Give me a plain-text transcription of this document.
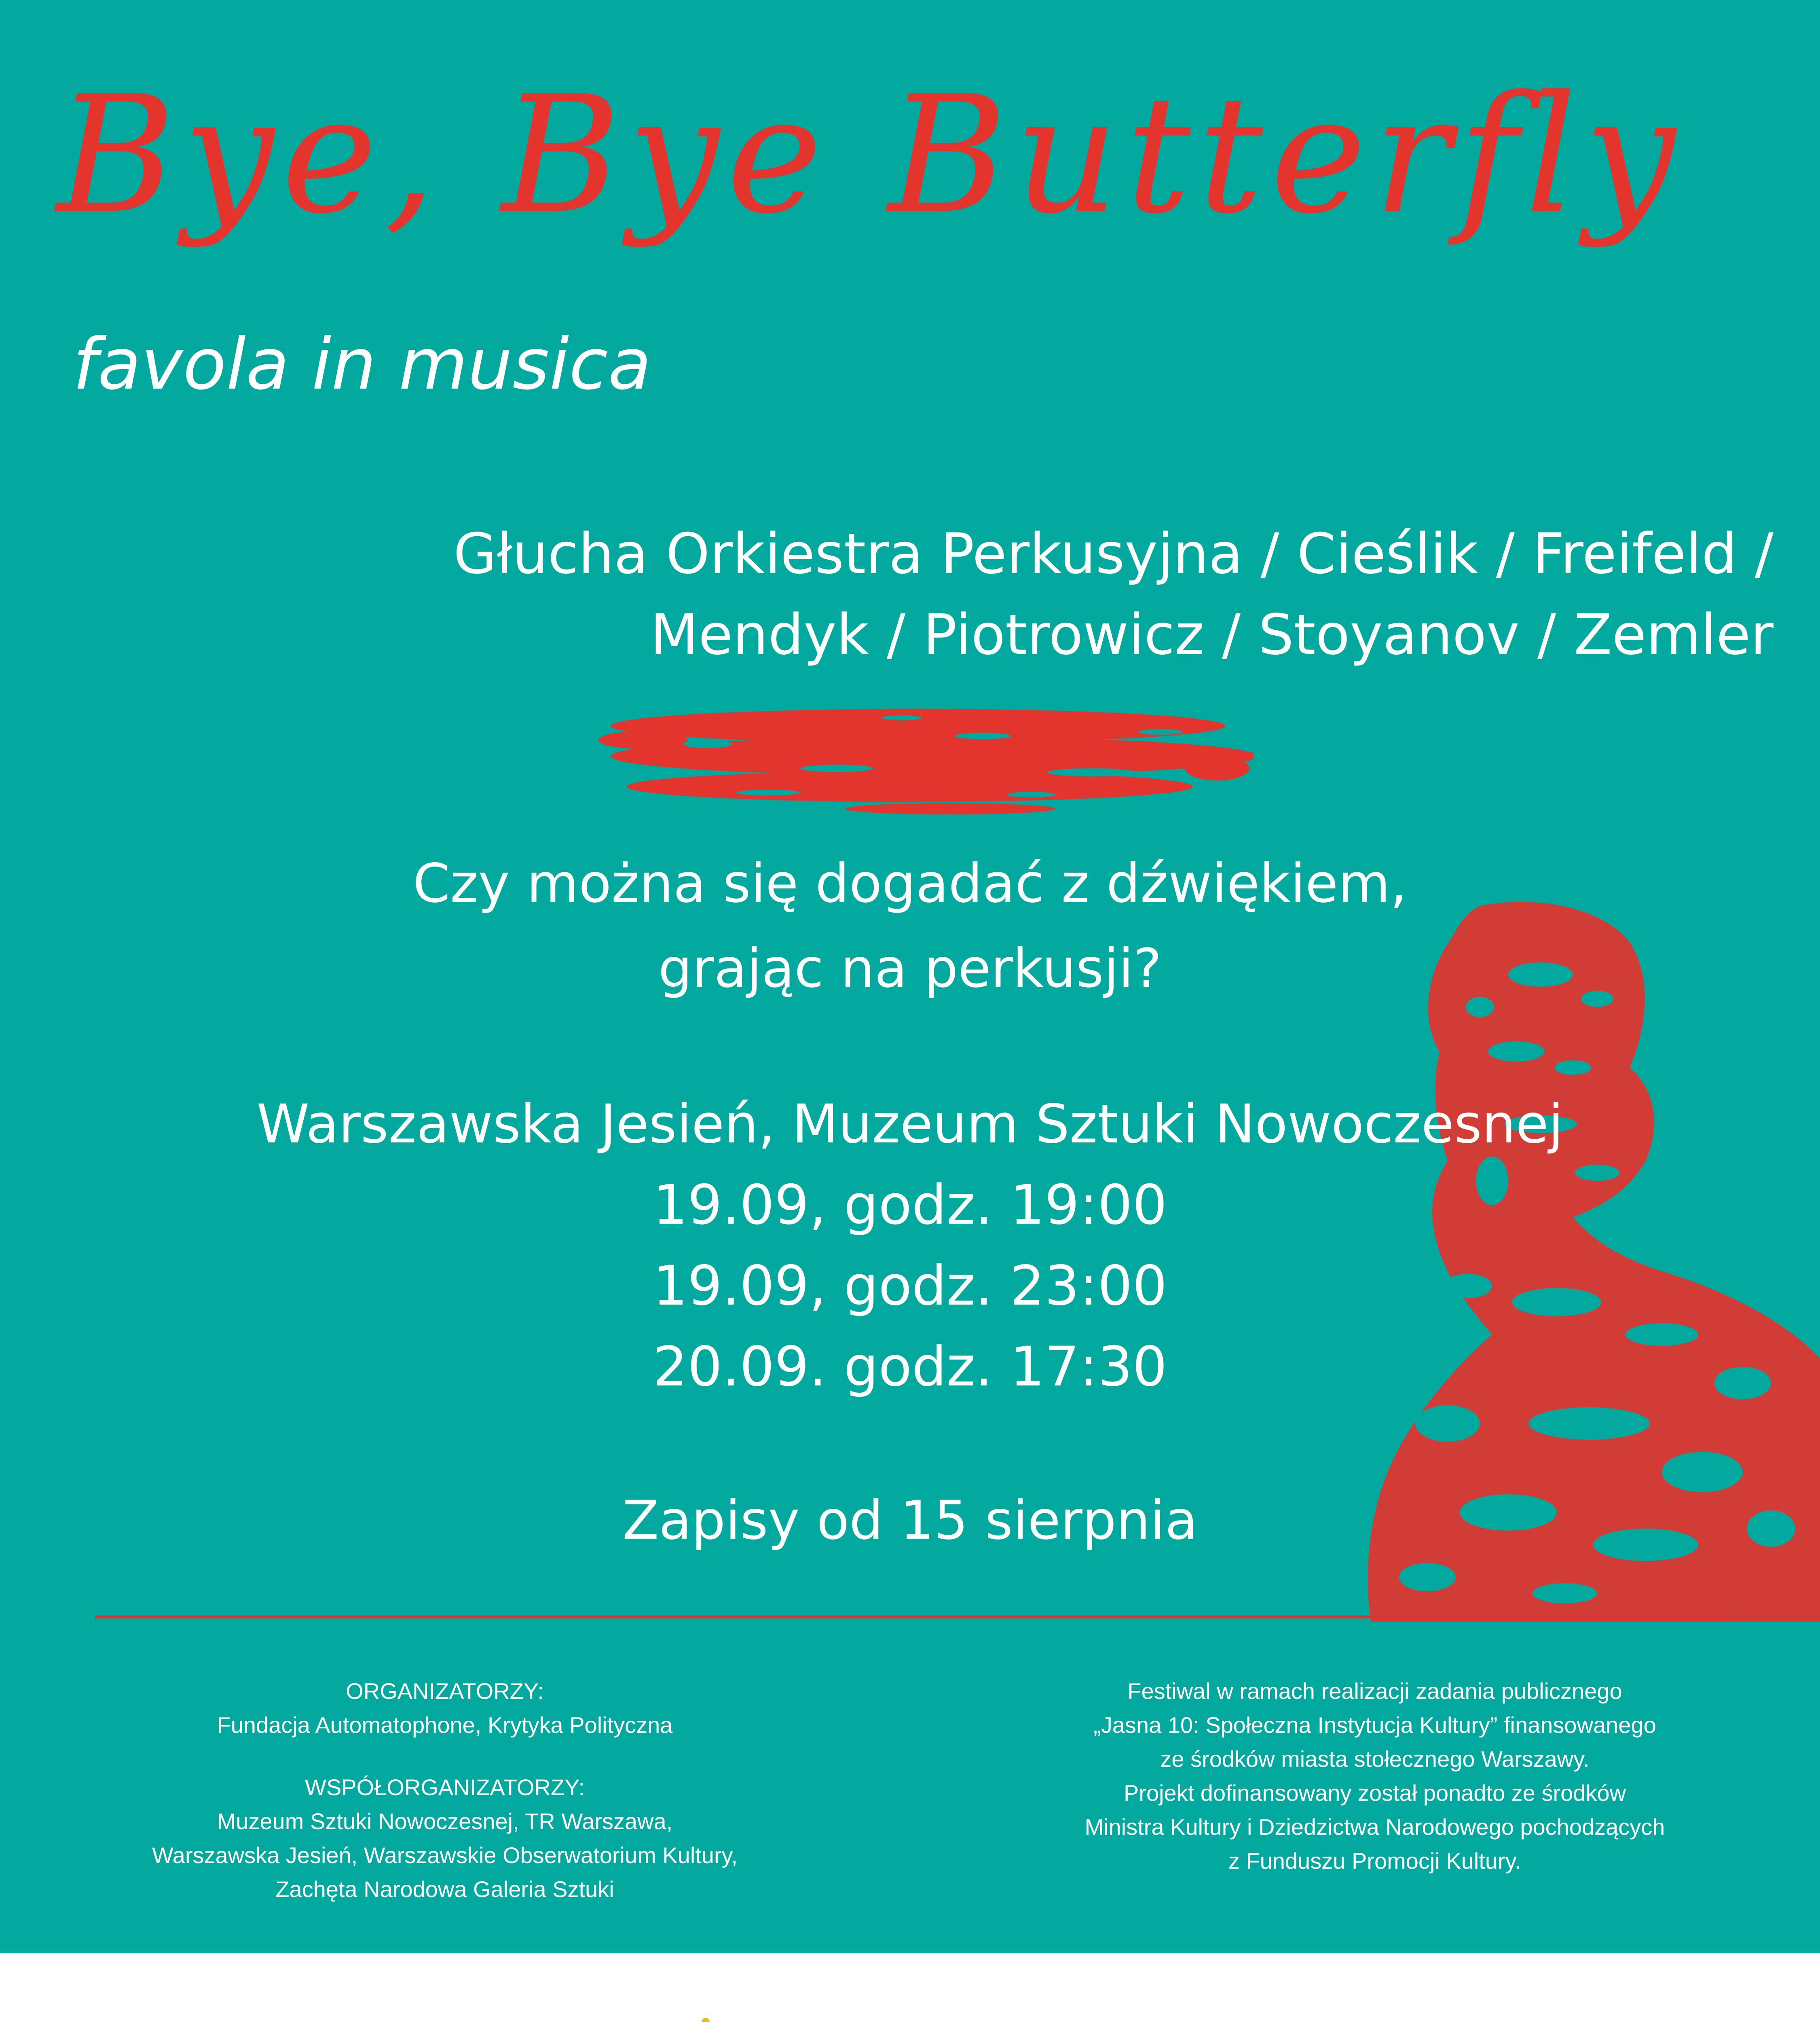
Bye, Bye Butterfly
favola in musica
Głucha Orkiestra Perkusyjna / Cieślik / Freifeld /
Mendyk / Piotrowicz / Stoyanov / Zemler
Czy można się dogadać z dźwiękiem,
grając na perkusji?
Warszawska Jesień, Muzeum Sztuki Nowoczesnej
19.09, godz. 19:00
19.09, godz. 23:00
20.09. godz. 17:30
Zapisy od 15 sierpnia
ORGANIZATORZY:
Fundacja Automatophone, Krytyka Polityczna
WSPÓŁORGANIZATORZY:
Muzeum Sztuki Nowoczesnej, TR Warszawa,
Warszawska Jesień, Warszawskie Obserwatorium Kultury,
Zachęta Narodowa Galeria Sztuki
Festiwal w ramach realizacji zadania publicznego
„Jasna 10: Społeczna Instytucja Kultury” finansowanego
ze środków miasta stołecznego Warszawy.
Projekt dofinansowany został ponadto ze środków
Ministra Kultury i Dziedzictwa Narodowego pochodzących
z Funduszu Promocji Kultury.
